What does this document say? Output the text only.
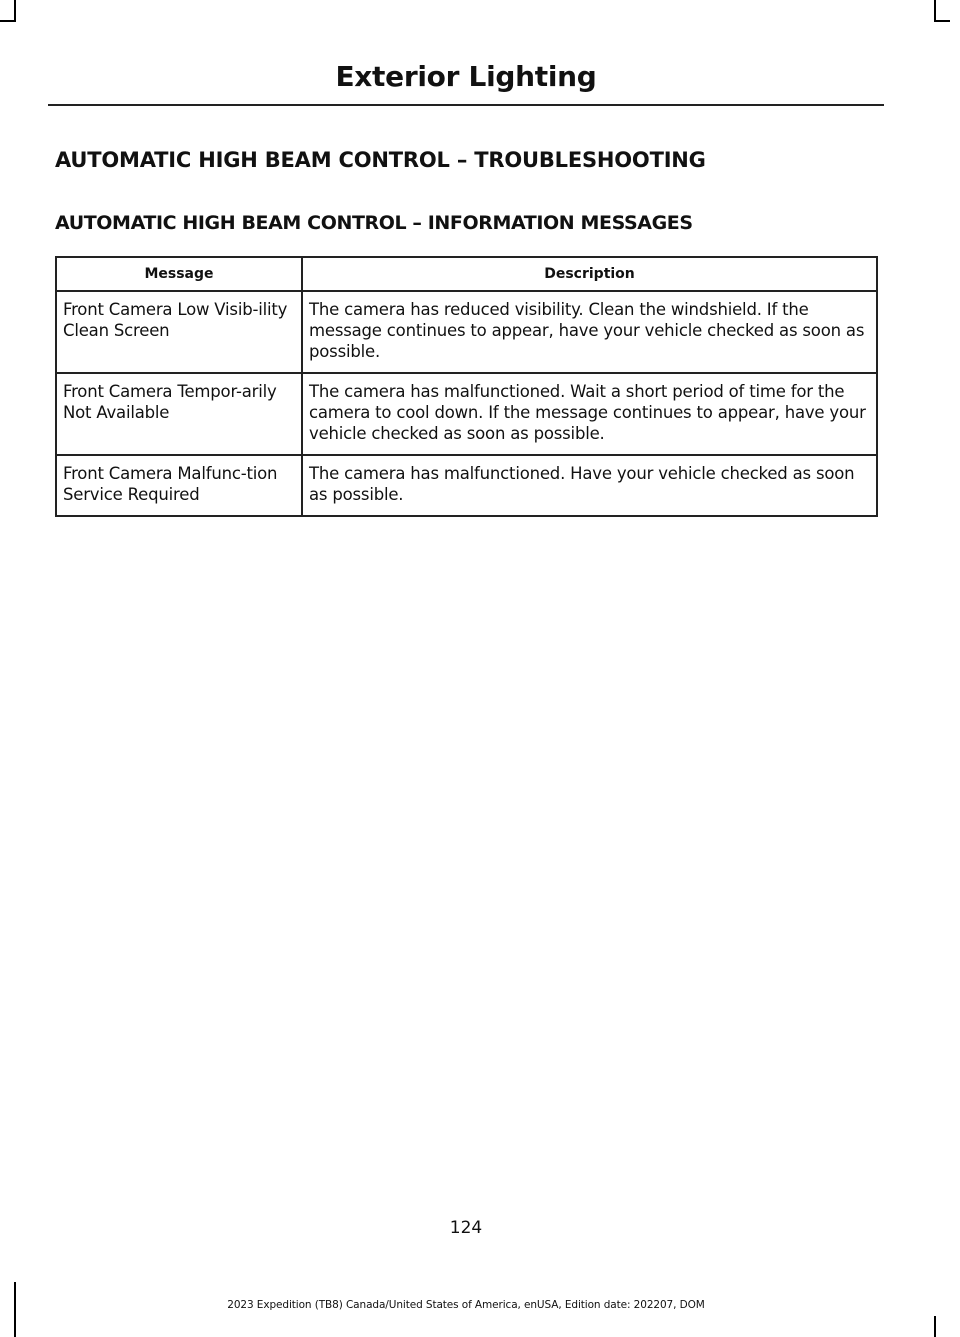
Exterior Lighting
AUTOMATIC HIGH BEAM CONTROL – TROUBLESHOOTING
AUTOMATIC HIGH BEAM CONTROL – INFORMATION MESSAGES
Message	Description
Front Camera Low Visib-ility Clean Screen	The camera has reduced visibility. Clean the windshield. If the message continues to appear, have your vehicle checked as soon as possible.
Front Camera Tempor-arily Not Available	The camera has malfunctioned. Wait a short period of time for the camera to cool down. If the message continues to appear, have your vehicle checked as soon as possible.
Front Camera Malfunc-tion Service Required	The camera has malfunctioned. Have your vehicle checked as soon as possible.
124
2023 Expedition (TB8) Canada/United States of America, enUSA, Edition date: 202207, DOM
